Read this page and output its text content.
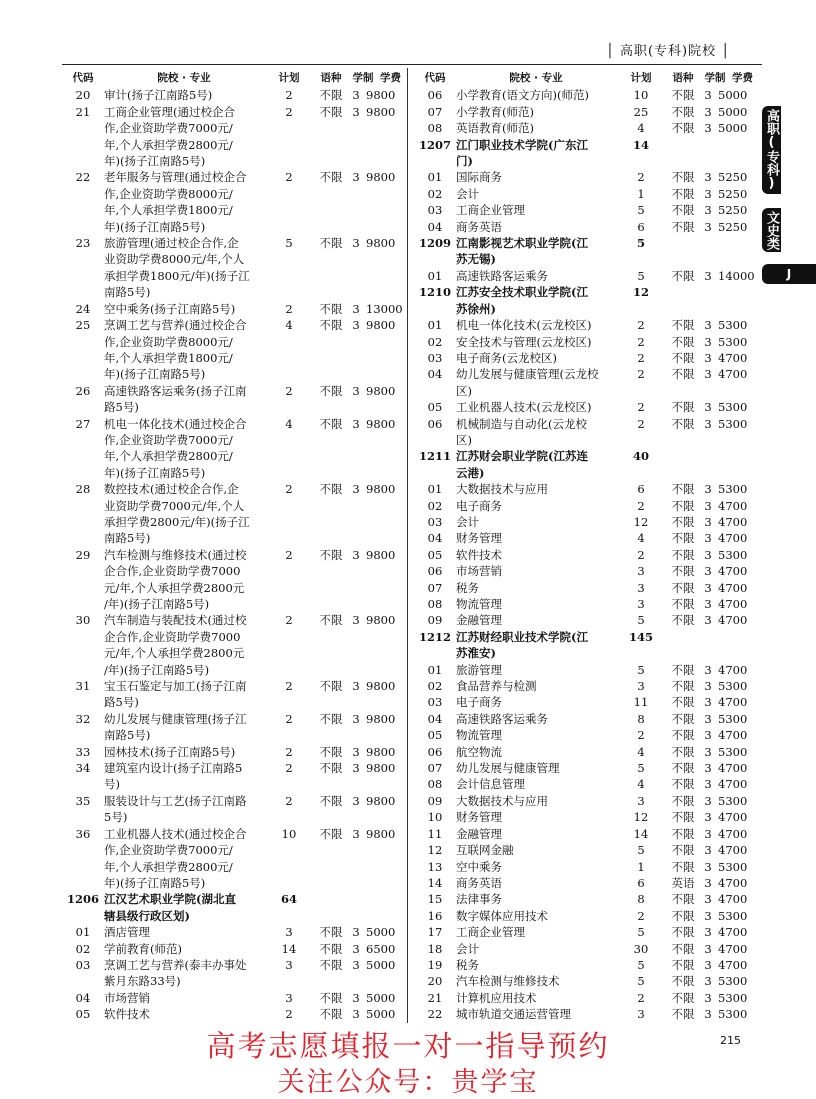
│ 高职(专科)院校 │
代码	院校 · 专业	计划	语种	学制 学费
20	审计(扬子江南路5号)	2	不限 3 9800
21	工商企业管理(通过校企合
作,企业资助学费7000元/
年,个人承担学费2800元/
年)(扬子江南路5号)
2	不限 3 9800
22	老年服务与管理(通过校企合
作,企业资助学费8000元/
年,个人承担学费1800元/
年)(扬子江南路5号)
2	不限 3 9800
23	旅游管理(通过校企合作,企
业资助学费8000元/年,个人
承担学费1800元/年)(扬子江
南路5号)
5	不限 3 9800
24	空中乘务(扬子江南路5号)	2	不限 3 13000
25	烹调工艺与营养(通过校企合
作,企业资助学费8000元/
年,个人承担学费1800元/
年)(扬子江南路5号)
4	不限 3 9800
26	高速铁路客运乘务(扬子江南
路5号)
2	不限 3 9800
27	机电一体化技术(通过校企合
作,企业资助学费7000元/
年,个人承担学费2800元/
年)(扬子江南路5号)
4	不限 3 9800
28	数控技术(通过校企合作,企
业资助学费7000元/年,个人
承担学费2800元/年)(扬子江
南路5号)
2	不限 3 9800
29	汽车检测与维修技术(通过校
企合作,企业资助学费7000
元/年,个人承担学费2800元
/年)(扬子江南路5号)
2	不限 3 9800
30	汽车制造与装配技术(通过校
企合作,企业资助学费7000
元/年,个人承担学费2800元
/年)(扬子江南路5号)
2	不限 3 9800
31	宝玉石鉴定与加工(扬子江南
路5号)
2	不限 3 9800
32	幼儿发展与健康管理(扬子江
南路5号)
2	不限 3 9800
33	园林技术(扬子江南路5号)	2	不限 3 9800
34	建筑室内设计(扬子江南路5
号)
2	不限 3 9800
35	服装设计与工艺(扬子江南路
5号)
2	不限 3 9800
36	工业机器人技术(通过校企合
作,企业资助学费7000元/
年,个人承担学费2800元/
年)(扬子江南路5号)
10	不限 3 9800
1206 江汉艺术职业学院(湖北直
辖县级行政区划)
64
01	酒店管理	3	不限 3 5000
02	学前教育(师范)	14	不限 3 6500
03	烹调工艺与营养(泰丰办事处
紫月东路33号)
3	不限 3 5000
04	市场营销	3	不限 3 5000
05	软件技术	2	不限 3 5000
代码	院校 · 专业	计划	语种	学制 学费
06	小学教育(语文方向)(师范)	10	不限 3 5000
07	小学教育(师范)	25	不限 3 5000
08	英语教育(师范)	4	不限 3 5000
1207 江门职业技术学院(广东江
门)
14
01	国际商务	2	不限 3 5250
02	会计	1	不限 3 5250
03	工商企业管理	5	不限 3 5250
04	商务英语	6	不限 3 5250
1209 江南影视艺术职业学院(江
苏无锡)
5
01	高速铁路客运乘务	5	不限 3 14000
1210 江苏安全技术职业学院(江
苏徐州)
12
01	机电一体化技术(云龙校区)	2	不限 3 5300
02	安全技术与管理(云龙校区)	2	不限 3 5300
03	电子商务(云龙校区)	2	不限 3 4700
04	幼儿发展与健康管理(云龙校
区)
2	不限 3 4700
05	工业机器人技术(云龙校区)	2	不限 3 5300
06	机械制造与自动化(云龙校
区)
2	不限 3 5300
1211 江苏财会职业学院(江苏连
云港)
40
01	大数据技术与应用	6	不限 3 5300
02	电子商务	2	不限 3 4700
03	会计	12	不限 3 4700
04	财务管理	4	不限 3 4700
05	软件技术	2	不限 3 5300
06	市场营销	3	不限 3 4700
07	税务	3	不限 3 4700
08	物流管理	3	不限 3 4700
09	金融管理	5	不限 3 4700
1212 江苏财经职业技术学院(江
苏淮安)
145
01	旅游管理	5	不限 3 4700
02	食品营养与检测	3	不限 3 5300
03	电子商务	11	不限 3 4700
04	高速铁路客运乘务	8	不限 3 5300
05	物流管理	2	不限 3 4700
06	航空物流	4	不限 3 5300
07	幼儿发展与健康管理	5	不限 3 4700
08	会计信息管理	4	不限 3 4700
09	大数据技术与应用	3	不限 3 5300
10	财务管理	12	不限 3 4700
11	金融管理	14	不限 3 4700
12	互联网金融	5	不限 3 4700
13	空中乘务	1	不限 3 5300
14	商务英语	6	英语 3 4700
15	法律事务	8	不限 3 4700
16	数字媒体应用技术	2	不限 3 5300
17	工商企业管理	5	不限 3 4700
18	会计	30	不限 3 4700
19	税务	5	不限 3 4700
20	汽车检测与维修技术	5	不限 3 5300
21	计算机应用技术	2	不限 3 5300
22	城市轨道交通运营管理	3	不限 3 5300
高职(专科)
文史类
J
215
高考志愿填报一对一指导预约
关注公众号：贵学宝
